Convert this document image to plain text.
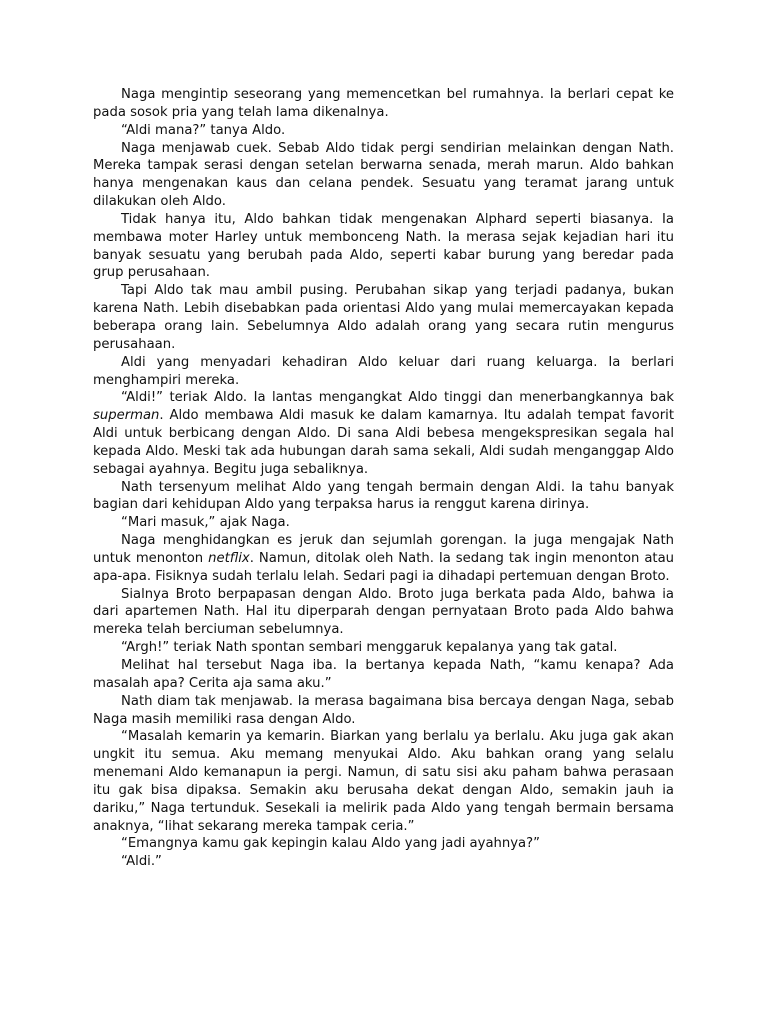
Naga mengintip seseorang yang memencetkan bel rumahnya. Ia berlari cepat ke pada sosok pria yang telah lama dikenalnya.

“Aldi mana?” tanya Aldo.

Naga menjawab cuek. Sebab Aldo tidak pergi sendirian melainkan dengan Nath. Mereka tampak serasi dengan setelan berwarna senada, merah marun. Aldo bahkan hanya mengenakan kaus dan celana pendek. Sesuatu yang teramat jarang untuk dilakukan oleh Aldo.

Tidak hanya itu, Aldo bahkan tidak mengenakan Alphard seperti biasanya. Ia membawa moter Harley untuk membonceng Nath. Ia merasa sejak kejadian hari itu banyak sesuatu yang berubah pada Aldo, seperti kabar burung yang beredar pada grup perusahaan.

Tapi Aldo tak mau ambil pusing. Perubahan sikap yang terjadi padanya, bukan karena Nath. Lebih disebabkan pada orientasi Aldo yang mulai memercayakan kepada beberapa orang lain. Sebelumnya Aldo adalah orang yang secara rutin mengurus perusahaan.

Aldi yang menyadari kehadiran Aldo keluar dari ruang keluarga. Ia berlari menghampiri mereka.

“Aldi!” teriak Aldo. Ia lantas mengangkat Aldo tinggi dan menerbangkannya bak superman. Aldo membawa Aldi masuk ke dalam kamarnya. Itu adalah tempat favorit Aldi untuk berbicang dengan Aldo. Di sana Aldi bebesa mengekspresikan segala hal kepada Aldo. Meski tak ada hubungan darah sama sekali, Aldi sudah menganggap Aldo sebagai ayahnya. Begitu juga sebaliknya.

Nath tersenyum melihat Aldo yang tengah bermain dengan Aldi. Ia tahu banyak bagian dari kehidupan Aldo yang terpaksa harus ia renggut karena dirinya.

“Mari masuk,” ajak Naga.

Naga menghidangkan es jeruk dan sejumlah gorengan. Ia juga mengajak Nath untuk menonton netflix. Namun, ditolak oleh Nath. Ia sedang tak ingin menonton atau apa-apa. Fisiknya sudah terlalu lelah. Sedari pagi ia dihadapi pertemuan dengan Broto.

Sialnya Broto berpapasan dengan Aldo. Broto juga berkata pada Aldo, bahwa ia dari apartemen Nath. Hal itu diperparah dengan pernyataan Broto pada Aldo bahwa mereka telah berciuman sebelumnya.

“Argh!” teriak Nath spontan sembari menggaruk kepalanya yang tak gatal.

Melihat hal tersebut Naga iba. Ia bertanya kepada Nath, “kamu kenapa? Ada masalah apa? Cerita aja sama aku.”

Nath diam tak menjawab. Ia merasa bagaimana bisa bercaya dengan Naga, sebab Naga masih memiliki rasa dengan Aldo.

“Masalah kemarin ya kemarin. Biarkan yang berlalu ya berlalu. Aku juga gak akan ungkit itu semua. Aku memang menyukai Aldo. Aku bahkan orang yang selalu menemani Aldo kemanapun ia pergi. Namun, di satu sisi aku paham bahwa perasaan itu gak bisa dipaksa. Semakin aku berusaha dekat dengan Aldo, semakin jauh ia dariku,” Naga tertunduk. Sesekali ia melirik pada Aldo yang tengah bermain bersama anaknya, “lihat sekarang mereka tampak ceria.”

“Emangnya kamu gak kepingin kalau Aldo yang jadi ayahnya?”

“Aldi.”
